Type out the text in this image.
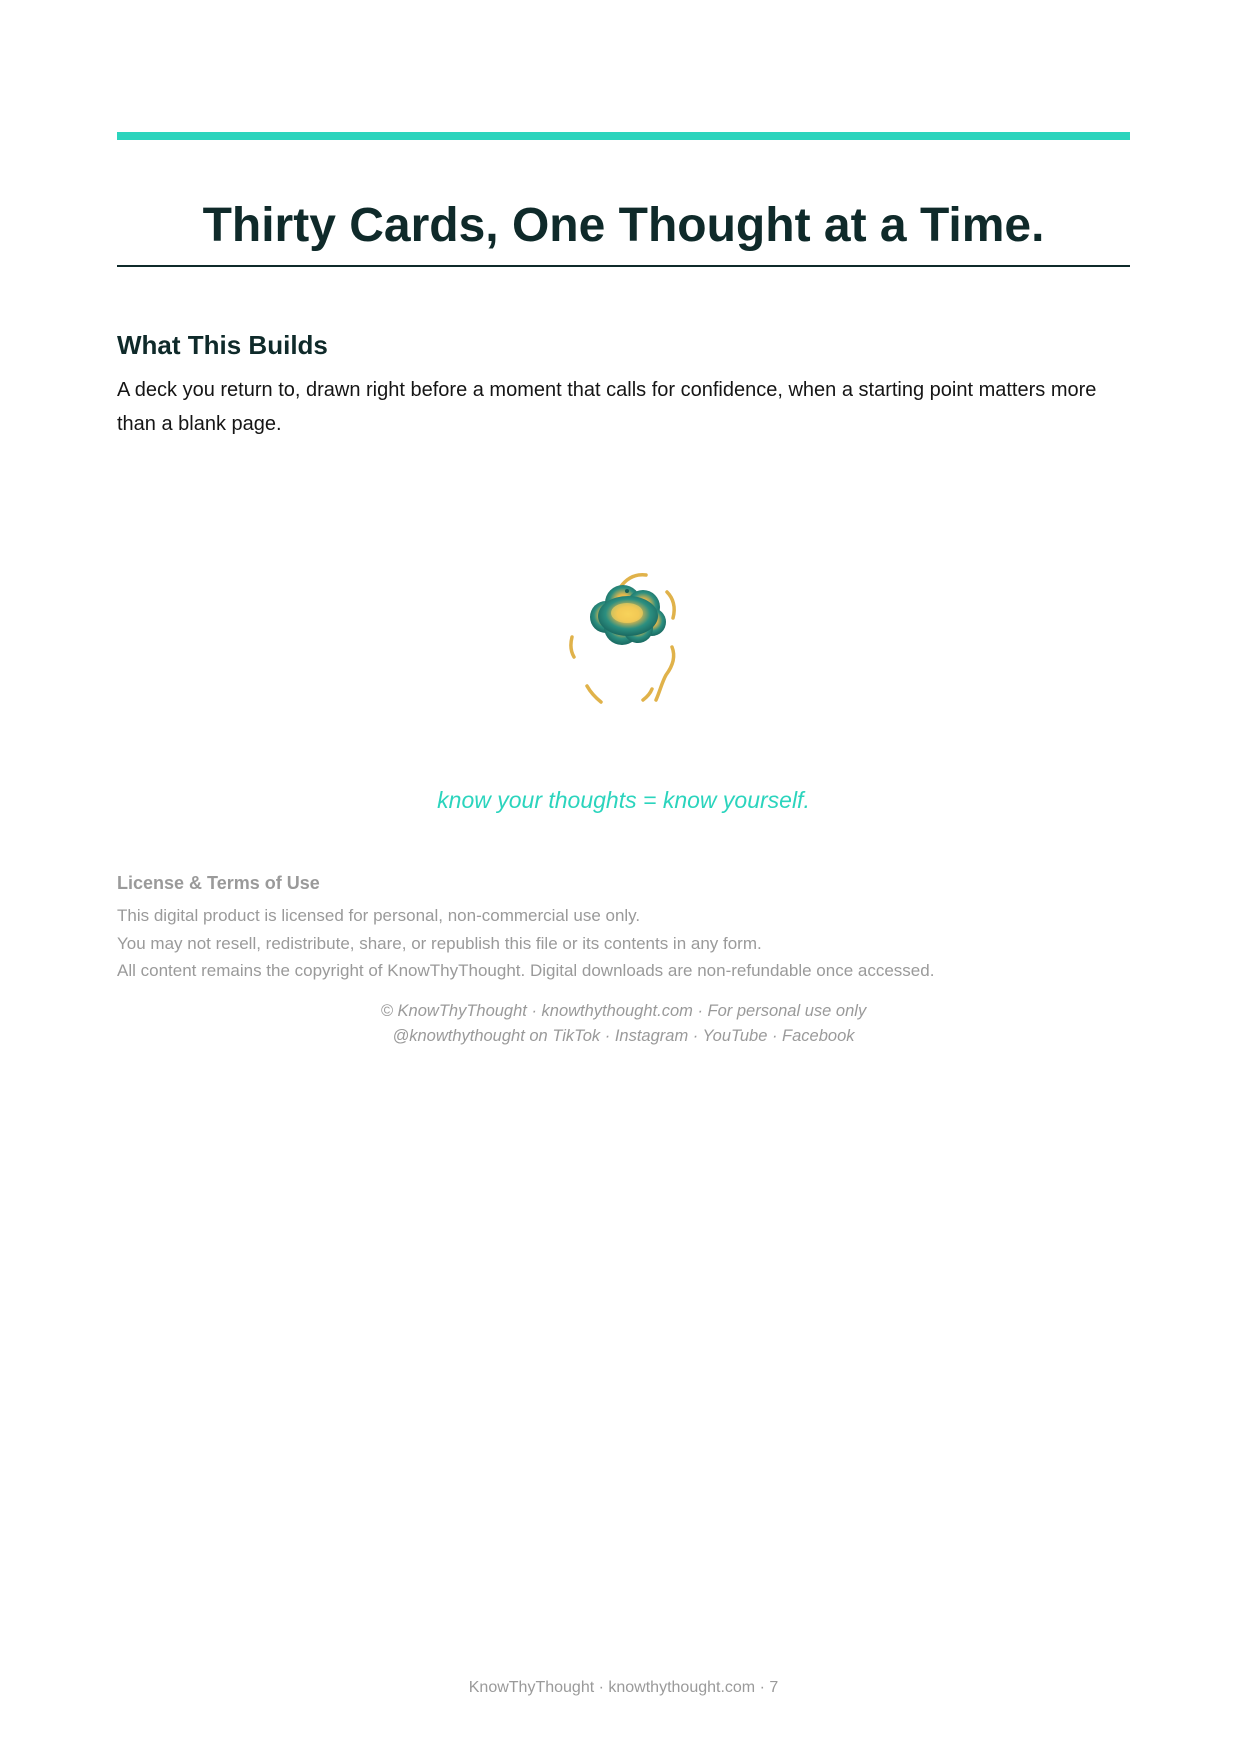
Thirty Cards, One Thought at a Time.
What This Builds

A deck you return to, drawn right before a moment that calls for confidence, when a starting point matters more than a blank page.

know your thoughts = know yourself.
License & Terms of Use
This digital product is licensed for personal, non-commercial use only.
You may not resell, redistribute, share, or republish this file or its contents in any form.
All content remains the copyright of KnowThyThought. Digital downloads are non-refundable once accessed.
© KnowThyThought · knowthythought.com · For personal use only
@knowthythought on TikTok · Instagram · YouTube · Facebook
KnowThyThought · knowthythought.com · 7
